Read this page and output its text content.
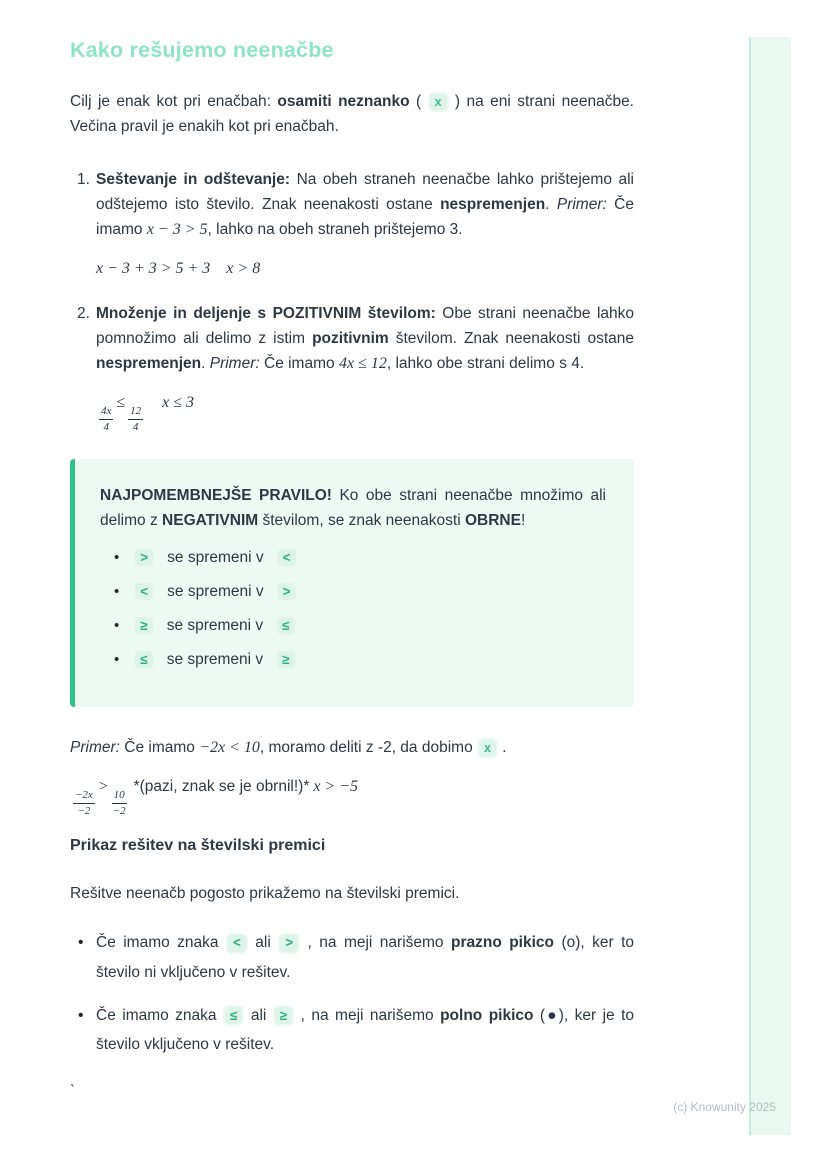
Kako rešujemo neenačbe

Cilj je enak kot pri enačbah: osamiti neznanko ( x ) na eni strani neenačbe. Večina pravil je enakih kot pri enačbah.

1. Seštevanje in odštevanje: Na obeh straneh neenačbe lahko prištejemo ali odštejemo isto število. Znak neenakosti ostane nespremenjen. Primer: Če imamo x − 3 > 5, lahko na obeh straneh prištejemo 3.

x − 3 + 3 > 5 + 3 x > 8
2. Množenje in deljenje s POZITIVNIM številom: Obe strani neenačbe lahko pomnožimo ali delimo z istim pozitivnim številom. Znak neenakosti ostane nespremenjen. Primer: Če imamo 4x ≤ 12, lahko obe strani delimo s 4.

$\frac{4x}{4}$
≤
$\frac{12}{4}$
x ≤ 3

NAJPOMEMBNEJŠE PRAVILO! Ko obe strani neenačbe množimo ali delimo z NEGATIVNIM številom, se znak neenakosti OBRNE!

•	>	se spremeni v	<
•	<	se spremeni v	>
•	≥	se spremeni v	≤
•	≤	se spremeni v	≥

Primer: Če imamo −2x < 10, moramo deliti z -2, da dobimo x .

$\frac{-2x}{-2}$
>
$\frac{10}{-2}$
*(pazi, znak se je obrnil!)* x > −5

Prikaz rešitev na številski premici

Rešitve neenačb pogosto prikažemo na številski premici.

• Če imamo znaka < ali > , na meji narišemo prazno pikico (o), ker to število ni vključeno v rešitev.
• Če imamo znaka ≤ ali ≥ , na meji narišemo polno pikico (●), ker je to število vključeno v rešitev.

`

(c) Knowunity 2025
